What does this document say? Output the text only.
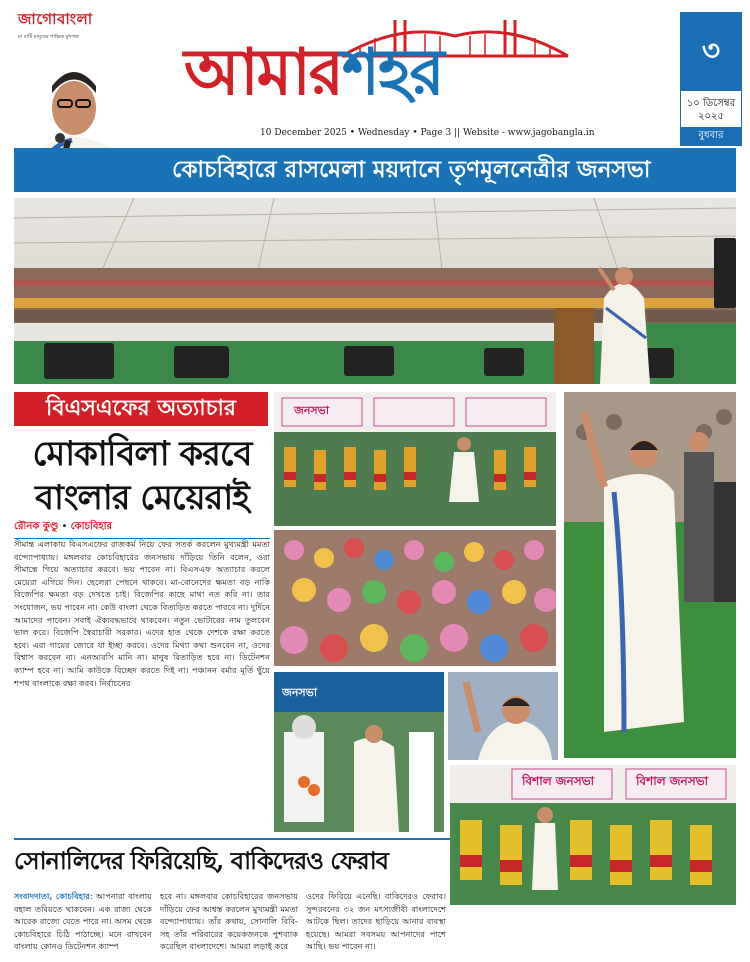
জাগোবাংলা
মা মাটি মানুষের পাক্ষিক মুখপত্র	আমারশহর
10 December 2025 • Wednesday • Page 3 || Website - www.jagobangla.in
৩
১০ ডিসেম্বর ২০২৫
বুধবার
কোচবিহারে রাসমেলা ময়দানে তৃণমূলনেত্রীর জনসভা
বিএসএফের অত্যাচার
মোকাবিলা করবে
বাংলার মেয়েরাই
রৌনক কুণ্ডু • কোচবিহার
সীমান্ত এলাকায় বিএসএফের রাজকর্ম নিয়ে ফের সতর্ক করলেন মুখ্যমন্ত্রী মমতা বন্দ্যোপাধ্যায়। মঙ্গলবার কোচবিহারের জনসভায় দাঁড়িয়ে তিনি বলেন, ওরা সীমান্তে গিয়ে অত্যাচার করবে। ভয় পাবেন না। বিএসএফ অত্যাচার করলে মেয়েরা এগিয়ে দিন। ছেলেরা পেছনে থাকবে। মা-বোনেদের ক্ষমতা বড় নাকি বিজেপির ক্ষমতা বড় দেখতে চাই। বিজেপির কাছে মাথা নত করি না। তার সংযোজন, ভয় পাবেন না। কেউ বাংলা থেকে বিতাড়িত করতে পারবে না। দুর্দিনে আমাদের পাবেন। সবাই ঐক্যবদ্ধভাবে থাকবেন। নতুন ভোটারের নাম তুলবেন ভাল করে। বিজেপি স্বৈরাচারী সরকার। এদের হাত থেকে দেশকে রক্ষা করতে হবে। এরা গায়ের জোরে যা ইচ্ছা করবে। ওদের মিথ্যা কথা শুনবেন না, ওদের বিশ্বাস করবেন না। এনআরসি মানি না। মানুষ বিতাড়িত হবে না। ডিটেনশন ক্যাম্প হবে না। আমি কাউকে বিচ্ছেদ করতে দিই না। পঞ্চানন বর্মার মূর্তি ছুঁয়ে শপথ বাংলাকে রক্ষা করব। নির্বাচনের
জনসভা
জনসভা
বিশাল জনসভা	বিশাল জনসভা
সোনালিদের ফিরিয়েছি, বাকিদেরও ফেরাব
সংবাদদাতা, কোচবিহার: আপনারা বাংলায় বহাল তবিয়তে থাকবেন। এক রাজ্য থেকে আরেক রাজ্যে যেতে পারে না। অসম থেকে কোচবিহারে চিঠি পাঠাচ্ছে। মনে রাখবেন বাংলায় কোনও ডিটেনশন ক্যাম্প
হবে না। মঙ্গলবার কোচবিহারের জনসভায় দাঁড়িয়ে ফের আশ্বস্ত করলেন মুখ্যমন্ত্রী মমতা বন্দ্যোপাধ্যায়। তাঁর কথায়, সোনালি বিবি-সহ তাঁর পরিবারের কয়েকজনকে পুশব্যাক করেছিল বাংলাদেশে। আমরা লড়াই করে
ওদের ফিরিয়ে এনেছি। বাকিদেরও ফেরাব। সুন্দরবনের ৩২ জন মৎস্যজীবী বাংলাদেশে আটকে ছিল। তাদের ছাড়িয়ে আনার ব্যবস্থা হয়েছে। আমরা সবসময় আপনাদের পাশে আছি। ভয় পাবেন না।
